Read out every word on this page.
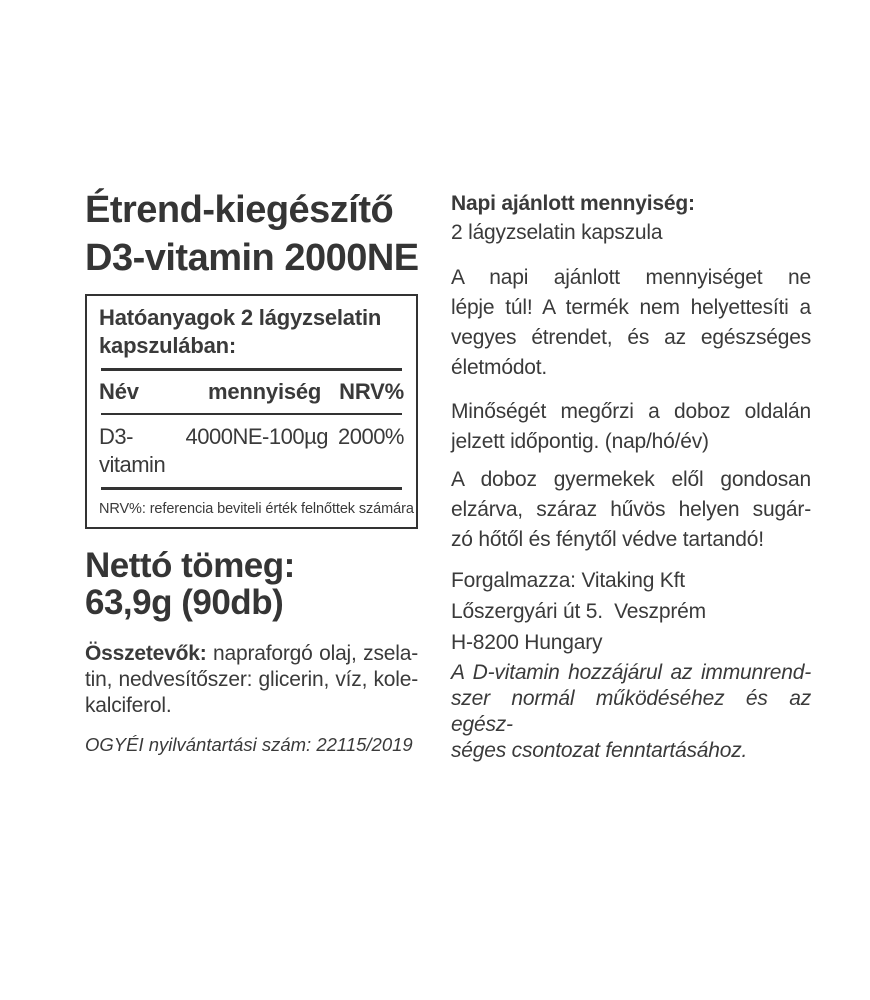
Étrend-kiegészítő
D3-vitamin 2000NE
Hatóanyagok 2 lágyzselatin
kapszulában:
Név	mennyiség NRV%
D3-vitamin
4000NE-100µg 2000%
NRV%: referencia beviteli érték felnőttek számára
Nettó tömeg:
63,9g (90db)
Összetevők: napraforgó olaj, zsela-
tin, nedvesítőszer: glicerin, víz, kole-
kalciferol.
OGYÉI nyilvántartási szám: 22115/2019
Napi ajánlott mennyiség:
2 lágyzselatin kapszula
A napi ajánlott mennyiséget ne
lépje túl! A termék nem helyettesíti a
vegyes étrendet, és az egészséges
életmódot.
Minőségét megőrzi a doboz oldalán
jelzett időpontig. (nap/hó/év)
A doboz gyermekek elől gondosan
elzárva, száraz hűvös helyen sugár-
zó hőtől és fénytől védve tartandó!
Forgalmazza: Vitaking Kft
Lőszergyári út 5.  Veszprém
H-8200 Hungary
A D-vitamin hozzájárul az immunrend-
szer normál működéséhez és az egész-
séges csontozat fenntartásához.
